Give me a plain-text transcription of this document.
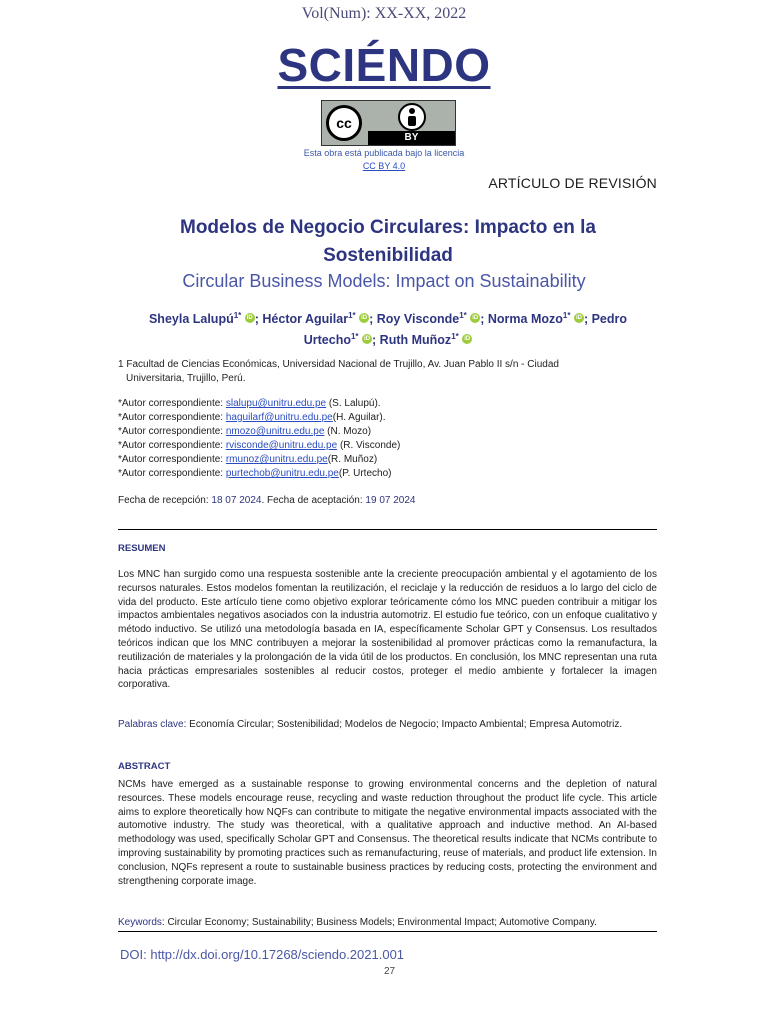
Vol(Num): XX-XX, 2022
SCIÉNDO
cc
BY
Esta obra está publicada bajo la licencia
CC BY 4.0
ARTÍCULO DE REVISIÓN
Modelos de Negocio Circulares: Impacto en la Sostenibilidad
Circular Business Models: Impact on Sustainability
Sheyla Lalupú$^{1*}$ iD ; Héctor Aguilar$^{1*}$ iD ; Roy Visconde$^{1*}$ iD ; Norma Mozo$^{1*}$ iD ; Pedro Urtecho$^{1*}$ iD ; Ruth Muñoz$^{1*}$ iD
1 Facultad de Ciencias Económicas, Universidad Nacional de Trujillo, Av. Juan Pablo II s/n - Ciudad
Universitaria, Trujillo, Perú.
*Autor correspondiente: slalupu@unitru.edu.pe (S. Lalupú).
*Autor correspondiente: haguilarf@unitru.edu.pe(H. Aguilar).
*Autor correspondiente: nmozo@unitru.edu.pe (N. Mozo)
*Autor correspondiente: rvisconde@unitru.edu.pe (R. Visconde)
*Autor correspondiente: rmunoz@unitru.edu.pe(R. Muñoz)
*Autor correspondiente: purtechob@unitru.edu.pe(P. Urtecho)
Fecha de recepción: 18 07 2024. Fecha de aceptación: 19 07 2024
RESUMEN
Los MNC han surgido como una respuesta sostenible ante la creciente preocupación ambiental y el agotamiento de los recursos naturales. Estos modelos fomentan la reutilización, el reciclaje y la reducción de residuos a lo largo del ciclo de vida del producto. Este artículo tiene como objetivo explorar teóricamente cómo los MNC pueden contribuir a mitigar los impactos ambientales negativos asociados con la industria automotriz. El estudio fue teórico, con un enfoque cualitativo y método inductivo. Se utilizó una metodología basada en IA, específicamente Scholar GPT y Consensus. Los resultados teóricos indican que los MNC contribuyen a mejorar la sostenibilidad al promover prácticas como la remanufactura, la reutilización de materiales y la prolongación de la vida útil de los productos. En conclusión, los MNC representan una ruta hacia prácticas empresariales sostenibles al reducir costos, proteger el medio ambiente y fortalecer la imagen corporativa.
Palabras clave: Economía Circular; Sostenibilidad; Modelos de Negocio; Impacto Ambiental; Empresa Automotriz.
ABSTRACT
NCMs have emerged as a sustainable response to growing environmental concerns and the depletion of natural resources. These models encourage reuse, recycling and waste reduction throughout the product life cycle. This article aims to explore theoretically how NQFs can contribute to mitigate the negative environmental impacts associated with the automotive industry. The study was theoretical, with a qualitative approach and inductive method. An AI-based methodology was used, specifically Scholar GPT and Consensus. The theoretical results indicate that NCMs contribute to improving sustainability by promoting practices such as remanufacturing, reuse of materials, and product life extension. In conclusion, NQFs represent a route to sustainable business practices by reducing costs, protecting the environment and strengthening corporate image.
Keywords: Circular Economy; Sustainability; Business Models; Environmental Impact; Automotive Company.
DOI: http://dx.doi.org/10.17268/sciendo.2021.001
27
